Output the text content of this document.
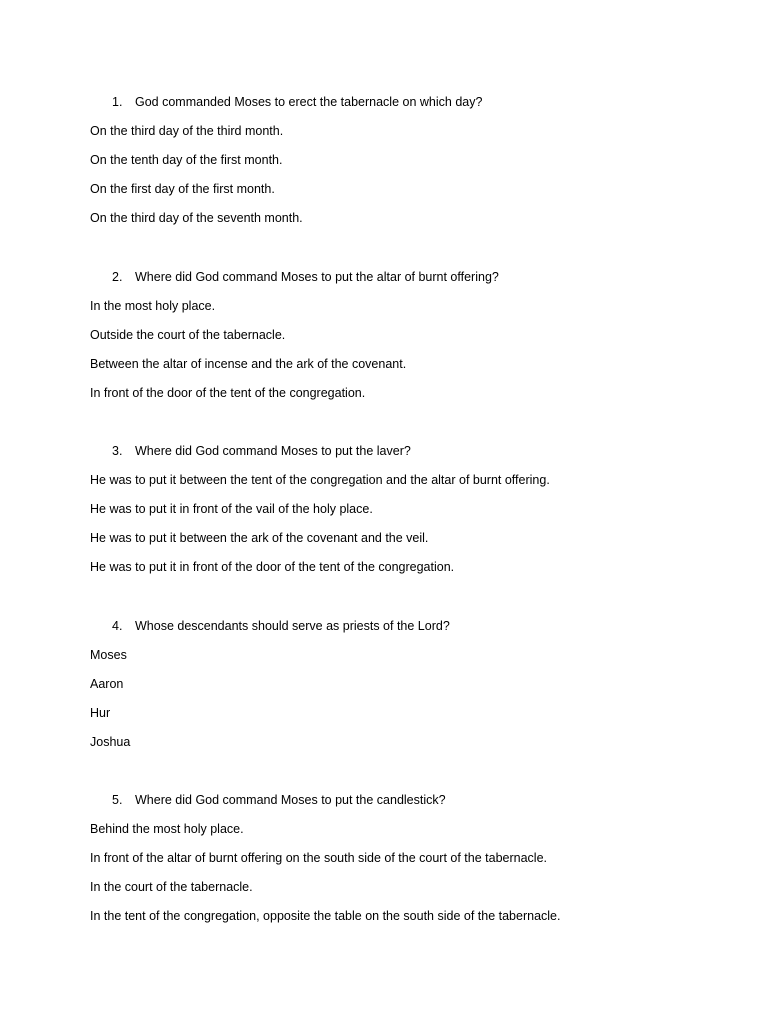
1.	God commanded Moses to erect the tabernacle on which day?
On the third day of the third month.
On the tenth day of the first month.
On the first day of the first month.
On the third day of the seventh month.
2.	Where did God command Moses to put the altar of burnt offering?
In the most holy place.
Outside the court of the tabernacle.
Between the altar of incense and the ark of the covenant.
In front of the door of the tent of the congregation.
3.	Where did God command Moses to put the laver?
He was to put it between the tent of the congregation and the altar of burnt offering.
He was to put it in front of the vail of the holy place.
He was to put it between the ark of the covenant and the veil.
He was to put it in front of the door of the tent of the congregation.
4.	Whose descendants should serve as priests of the Lord?
Moses
Aaron
Hur
Joshua
5.	Where did God command Moses to put the candlestick?
Behind the most holy place.
In front of the altar of burnt offering on the south side of the court of the tabernacle.
In the court of the tabernacle.
In the tent of the congregation, opposite the table on the south side of the tabernacle.
